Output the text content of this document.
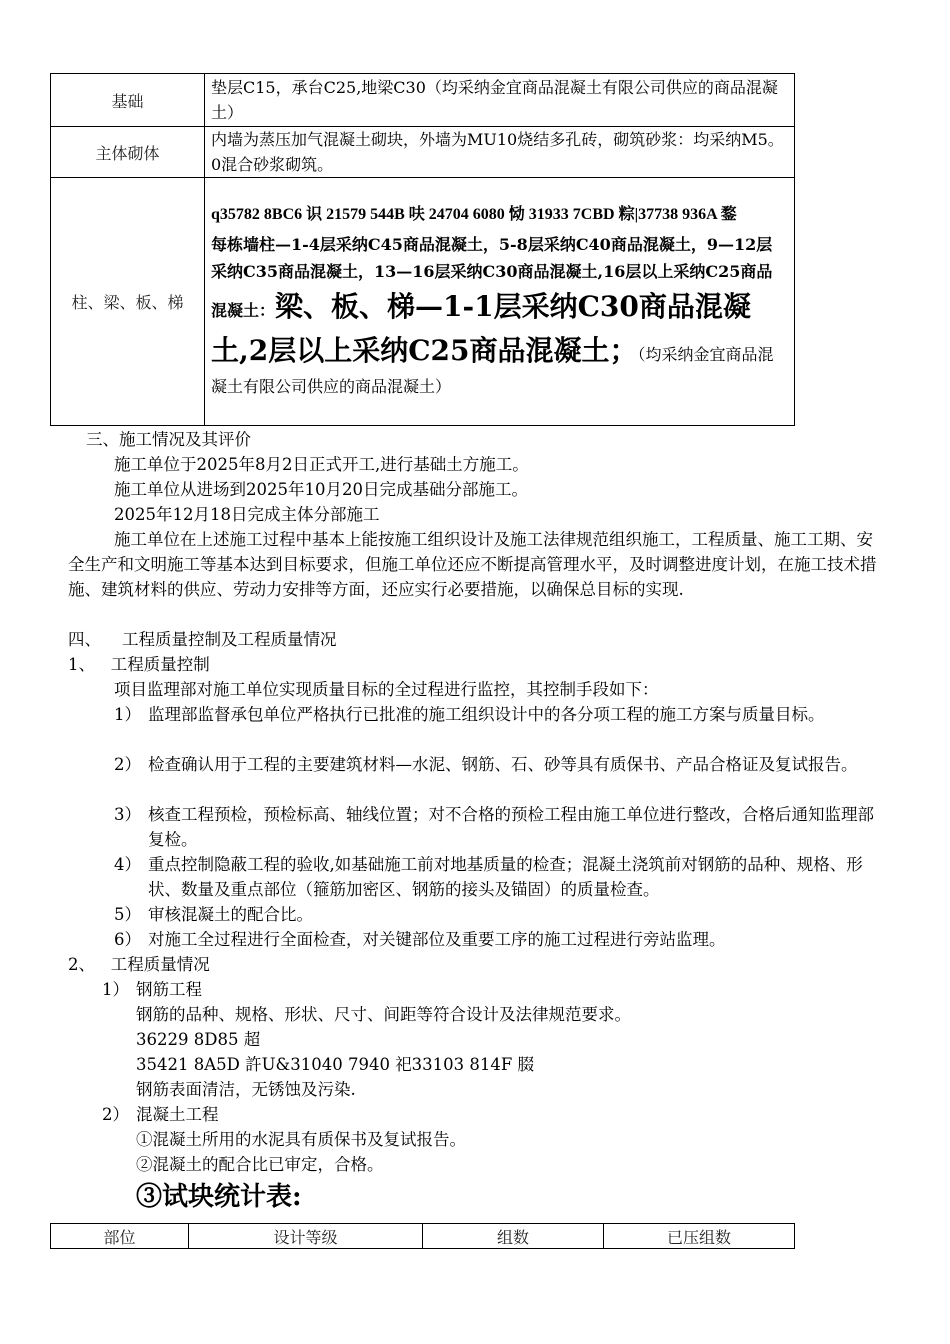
基础	垫层C15，承台C25,地梁C30（均采纳金宜商品混凝土有限公司供应的商品混凝土）
主体砌体	内墙为蒸压加气混凝土砌块，外墙为MU10烧结多孔砖，砌筑砂浆：均采纳M5。0混合砂浆砌筑。
柱、梁、板、梯	q35782 8BC6 识 21579 544B 呋 24704 6080 恸 31933 7CBD 粽|37738 936A 鍪
每栋墙柱—1-4层采纳C45商品混凝土，5-8层采纳C40商品混凝土，9—12层采纳C35商品混凝土，13—16层采纳C30商品混凝土,16层以上采纳C25商品混凝土：梁、板、梯—1-1层采纳C30商品混凝土,2层以上采纳C25商品混凝土；（均采纳金宜商品混凝土有限公司供应的商品混凝土）
三、施工情况及其评价
施工单位于2025年8月2日正式开工,进行基础土方施工。
施工单位从进场到2025年10月20日完成基础分部施工。
2025年12月18日完成主体分部施工
施工单位在上述施工过程中基本上能按施工组织设计及施工法律规范组织施工，工程质量、施工工期、安全生产和文明施工等基本达到目标要求，但施工单位还应不断提高管理水平，及时调整进度计划，在施工技术措施、建筑材料的供应、劳动力安排等方面，还应实行必要措施，以确保总目标的实现.
四、    工程质量控制及工程质量情况
1、   工程质量控制
项目监理部对施工单位实现质量目标的全过程进行监控，其控制手段如下：
1） 监理部监督承包单位严格执行已批准的施工组织设计中的各分项工程的施工方案与质量目标。
2） 检查确认用于工程的主要建筑材料—水泥、钢筋、石、砂等具有质保书、产品合格证及复试报告。
3） 核查工程预检，预检标高、轴线位置；对不合格的预检工程由施工单位进行整改，合格后通知监理部复检。
4） 重点控制隐蔽工程的验收,如基础施工前对地基质量的检查；混凝土浇筑前对钢筋的品种、规格、形状、数量及重点部位（箍筋加密区、钢筋的接头及锚固）的质量检查。
5） 审核混凝土的配合比。
6） 对施工全过程进行全面检查，对关键部位及重要工序的施工过程进行旁站监理。
2、   工程质量情况
1） 钢筋工程
钢筋的品种、规格、形状、尺寸、间距等符合设计及法律规范要求。
36229 8D85 超
35421 8A5D 許U&31040 7940 祀33103 814F 腏
钢筋表面清洁，无锈蚀及污染.
2） 混凝土工程
①混凝土所用的水泥具有质保书及复试报告。
②混凝土的配合比已审定，合格。
③试块统计表:
部位	设计等级	组数	已压组数
